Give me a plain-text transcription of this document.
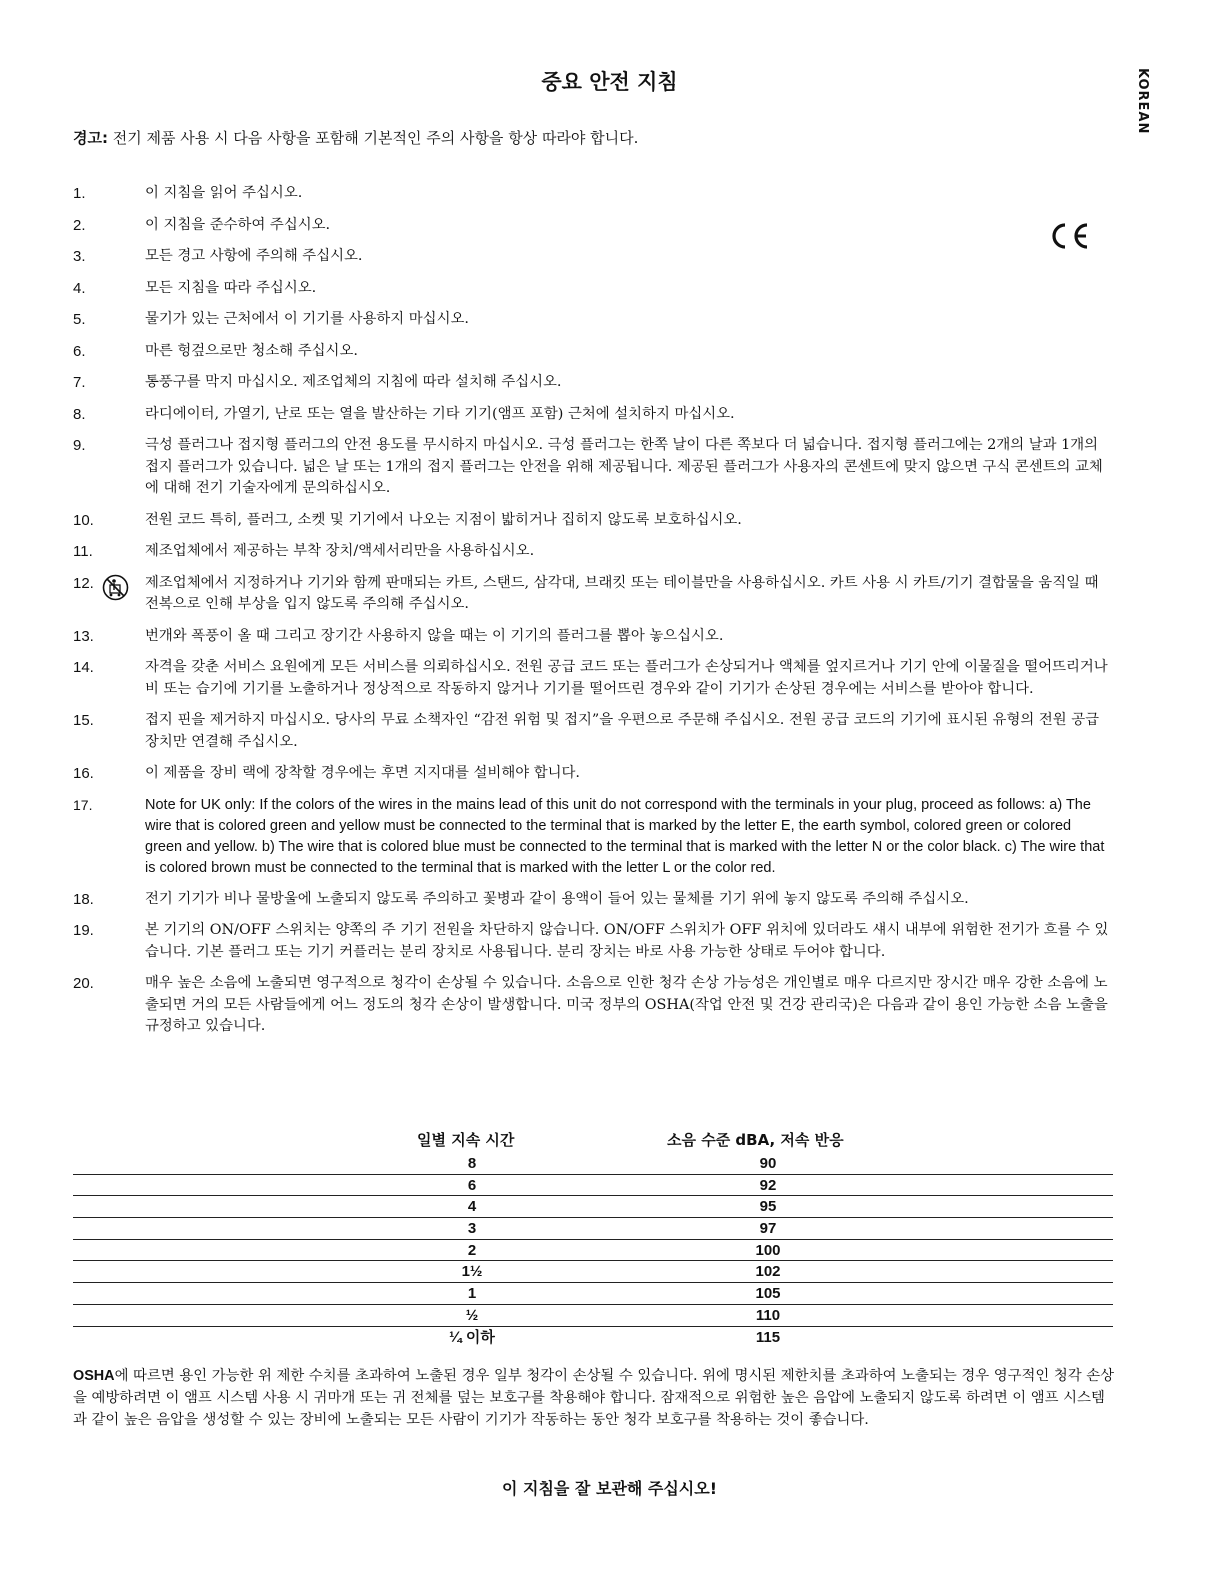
중요 안전 지침	KOREAN
경고: 전기 제품 사용 시 다음 사항을 포함해 기본적인 주의 사항을 항상 따라야 합니다.
1.	이 지침을 읽어 주십시오.
2.	이 지침을 준수하여 주십시오.
3.	모든 경고 사항에 주의해 주십시오.
4.	모든 지침을 따라 주십시오.
5.	물기가 있는 근처에서 이 기기를 사용하지 마십시오.
6.	마른 헝겊으로만 청소해 주십시오.
7.	통풍구를 막지 마십시오. 제조업체의 지침에 따라 설치해 주십시오.
8.	라디에이터, 가열기, 난로 또는 열을 발산하는 기타 기기(앰프 포함) 근처에 설치하지 마십시오.
9.	극성 플러그나 접지형 플러그의 안전 용도를 무시하지 마십시오. 극성 플러그는 한쪽 날이 다른 쪽보다 더 넓습니다. 접지형 플러그에는 2개의 날과 1개의 접지 플러그가 있습니다. 넓은 날 또는 1개의 접지 플러그는 안전을 위해 제공됩니다. 제공된 플러그가 사용자의 콘센트에 맞지 않으면 구식 콘센트의 교체에 대해 전기 기술자에게 문의하십시오.
10.	전원 코드 특히, 플러그, 소켓 및 기기에서 나오는 지점이 밟히거나 집히지 않도록 보호하십시오.
11.	제조업체에서 제공하는 부착 장치/액세서리만을 사용하십시오.
12.	제조업체에서 지정하거나 기기와 함께 판매되는 카트, 스탠드, 삼각대, 브래킷 또는 테이블만을 사용하십시오. 카트 사용 시 카트/기기 결합물을 움직일 때 전복으로 인해 부상을 입지 않도록 주의해 주십시오.
13.	번개와 폭풍이 올 때 그리고 장기간 사용하지 않을 때는 이 기기의 플러그를 뽑아 놓으십시오.
14.	자격을 갖춘 서비스 요원에게 모든 서비스를 의뢰하십시오. 전원 공급 코드 또는 플러그가 손상되거나 액체를 엎지르거나 기기 안에 이물질을 떨어뜨리거나 비 또는 습기에 기기를 노출하거나 정상적으로 작동하지 않거나 기기를 떨어뜨린 경우와 같이 기기가 손상된 경우에는 서비스를 받아야 합니다.
15.	접지 핀을 제거하지 마십시오. 당사의 무료 소책자인 “감전 위험 및 접지”을 우편으로 주문해 주십시오. 전원 공급 코드의 기기에 표시된 유형의 전원 공급 장치만 연결해 주십시오.
16.	이 제품을 장비 랙에 장착할 경우에는 후면 지지대를 설비해야 합니다.
17.	Note for UK only: If the colors of the wires in the mains lead of this unit do not correspond with the terminals in your plug, proceed as follows: a) The wire that is colored green and yellow must be connected to the terminal that is marked by the letter E, the earth symbol, colored green or colored green and yellow. b) The wire that is colored blue must be connected to the terminal that is marked with the letter N or the color black. c) The wire that is colored brown must be connected to the terminal that is marked with the letter L or the color red.
18.	전기 기기가 비나 물방울에 노출되지 않도록 주의하고 꽃병과 같이 용액이 들어 있는 물체를 기기 위에 놓지 않도록 주의해 주십시오.
19.	본 기기의 ON/OFF 스위치는 양쪽의 주 기기 전원을 차단하지 않습니다. ON/OFF 스위치가 OFF 위치에 있더라도 섀시 내부에 위험한 전기가 흐를 수 있습니다. 기본 플러그 또는 기기 커플러는 분리 장치로 사용됩니다. 분리 장치는 바로 사용 가능한 상태로 두어야 합니다.
20.	매우 높은 소음에 노출되면 영구적으로 청각이 손상될 수 있습니다. 소음으로 인한 청각 손상 가능성은 개인별로 매우 다르지만 장시간 매우 강한 소음에 노출되면 거의 모든 사람들에게 어느 정도의 청각 손상이 발생합니다. 미국 정부의 OSHA(작업 안전 및 건강 관리국)은 다음과 같이 용인 가능한 소음 노출을 규정하고 있습니다.
일별 지속 시간	소음 수준 dBA, 저속 반응
8	90
6	92
4	95
3	97
2	100
1½	102
1	105
½	110
¼ 이하	115
OSHA에 따르면 용인 가능한 위 제한 수치를 초과하여 노출된 경우 일부 청각이 손상될 수 있습니다. 위에 명시된 제한치를 초과하여 노출되는 경우 영구적인 청각 손상을 예방하려면 이 앰프 시스템 사용 시 귀마개 또는 귀 전체를 덮는 보호구를 착용해야 합니다. 잠재적으로 위험한 높은 음압에 노출되지 않도록 하려면 이 앰프 시스템과 같이 높은 음압을 생성할 수 있는 장비에 노출되는 모든 사람이 기기가 작동하는 동안 청각 보호구를 착용하는 것이 좋습니다.
이 지침을 잘 보관해 주십시오!
